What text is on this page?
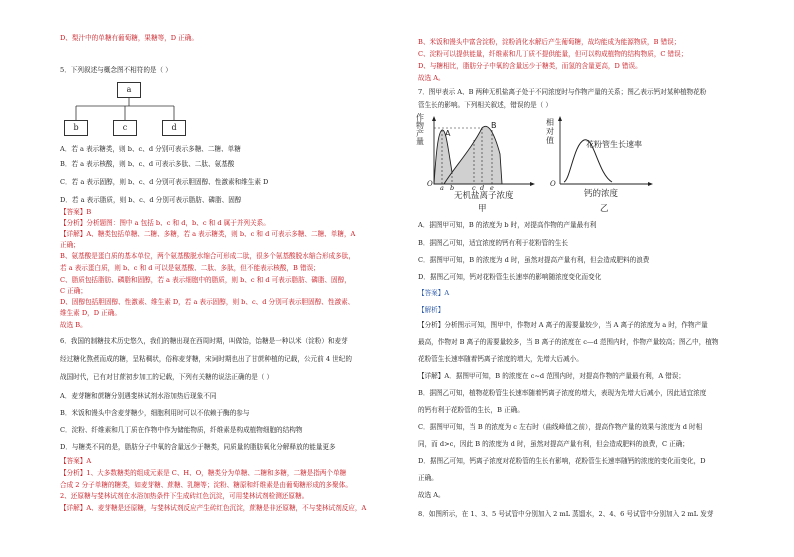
D、梨汁中的单糖有葡萄糖，果糖等，D 正确。
5．下列叙述与概念图不相符的是（ ）
a
b	c	d
A．若 a 表示糖类，则 b、c、d 分别可表示多糖、二糖、单糖
B．若 a 表示核酸，则 b、c、d 可表示多肽、二肽、氨基酸
C．若 a 表示固醇，则 b、c、d 分别可表示胆固醇、性激素和维生素 D
D．若 a 表示脂质，则 b、c、d 分别可表示脂肪、磷脂、固醇
【答案】B
【分析】分析题图：图中 a 包括 b、c 和 d，b、c 和 d 属于并列关系。
【详解】A、糖类包括单糖、二糖、多糖，若 a 表示糖类，则 b、c 和 d 可表示多糖、二糖、单糖，A
正确；
B、氨基酸是蛋白质的基本单位，两个氨基酸脱水缩合可形成二肽，很多个氨基酸脱水缩合形成多肽，
若 a 表示蛋白质，则 b、c 和 d 可以是氨基酸、二肽、多肽，但不能表示核酸，B 错误；
C、脂质包括脂肪、磷脂和固醇，若 a 表示细胞中的脂质，则 b、c 和 d 可表示脂肪、磷脂、固醇，
C 正确；
D、固醇包括胆固醇、性激素、维生素 D，若 a 表示固醇，则 b、c、d 分别可表示胆固醇、性激素、
维生素 D，D 正确。
故选 B。
6．我国的制糖技术历史悠久，我们的糖出现在西周时期，叫做饴，饴糖是一种以米（淀粉）和麦芽
经过糖化熬煮而成的糖，呈粘稠状，俗称麦芽糖，宋词时期也出了甘蔗种植的记载，公元前 4 世纪的
战国时代，已有对甘蔗初步加工的记载，下列有关糖的说法正确的是（ ）
A．麦芽糖和蔗糖分别遇斐林试剂水浴加热后现象不同
B．米饭和馒头中含麦芽糖少，细胞利用时可以不依赖于酶的参与
C．淀粉、纤维素和几丁质在作物中作为储能物质，纤维素是构成植物细胞的结构物
D．与糖类不同的是，脂肪分子中氧的含量远少于糖类，同质量的脂肪氧化分解释放的能量更多
【答案】A
【分析】1、大多数糖类的组成元素是 C、H、O，糖类分为单糖、二糖和多糖，二糖是指两个单糖
合成 2 分子单糖的糖类，如麦芽糖、蔗糖、乳糖等；淀粉、糖原和纤维素是由葡萄糖形成的多聚体。
2、还原糖与斐林试剂在水浴加热条件下生成砖红色沉淀，可用斐林试剂检测还原糖。
【详解】A、麦芽糖是还原糖，与斐林试剂反应产生砖红色沉淀，蔗糖是非还原糖，不与斐林试剂反应，A
B、米饭和馒头中富含淀粉，淀粉消化水解后产生葡萄糖，故均能成为能源物质，B 错误；
C、淀粉可以提供能量，纤维素和几丁质不提供能量，但可以构成植物的结构物质，C 错误；
D、与糖相比，脂肪分子中氧的含量远少于糖类，而氢的含量更高，D 错误。
故选 A。
7．图甲表示 A、B 两种无机盐离子处于不同浓度时与作物产量的关系；图乙表示钙对某种植物花粉
管生长的影响。下列相关叙述，错误的是（ ）
作物产量
A
B
O a b	c d e
无机盐离子浓度
甲
相对值	花粉管生长速率
O
钙的浓度
乙
A．据图甲可知，B 的浓度为 b 时，对提高作物的产量最有利
B．据图乙可知，适宜浓度的钙有利于花粉管的生长
C．据图甲可知，B 的浓度为 d 时，虽然对提高产量有利，但会造成肥料的浪费
D．据图乙可知，钙对花粉管生长速率的影响随浓度变化而变化
【答案】A
【解析】
【分析】分析图示可知，图甲中，作物对 A 离子的需要量较少，当 A 离子的浓度为 a 时，作物产量
最高，作物对 B 离子的需要量较多，当 B 离子的浓度在 c—d 范围内时，作物产量较高；图乙中，植物
花粉管生长速率随着钙离子浓度的增大，先增大后减小。
【详解】A．据图甲可知，B 的浓度在 c~d 范围内时，对提高作物的产量最有利，A 错误；
B．据图乙可知，植物花粉管生长速率随着钙离子浓度的增大，表现为先增大后减小，因此适宜浓度
的钙有利于花粉管的生长，B 正确。
C．据图甲可知，当 B 的浓度为 c 左右时（曲线峰值之前），提高作物产量的效果与浓度为 d 时相
同，而 d>c，因此 B 的浓度为 d 时，虽然对提高产量有利，但会造成肥料的浪费，C 正确；
D．据图乙可知，钙离子浓度对花粉管的生长有影响，花粉管生长速率随钙的浓度的变化而变化，D
正确。
故选 A。
8．如图所示，在 1、3、5 号试管中分别加入 2 mL 蒸馏水，2、4、6 号试管中分别加入 2 mL 发芽
